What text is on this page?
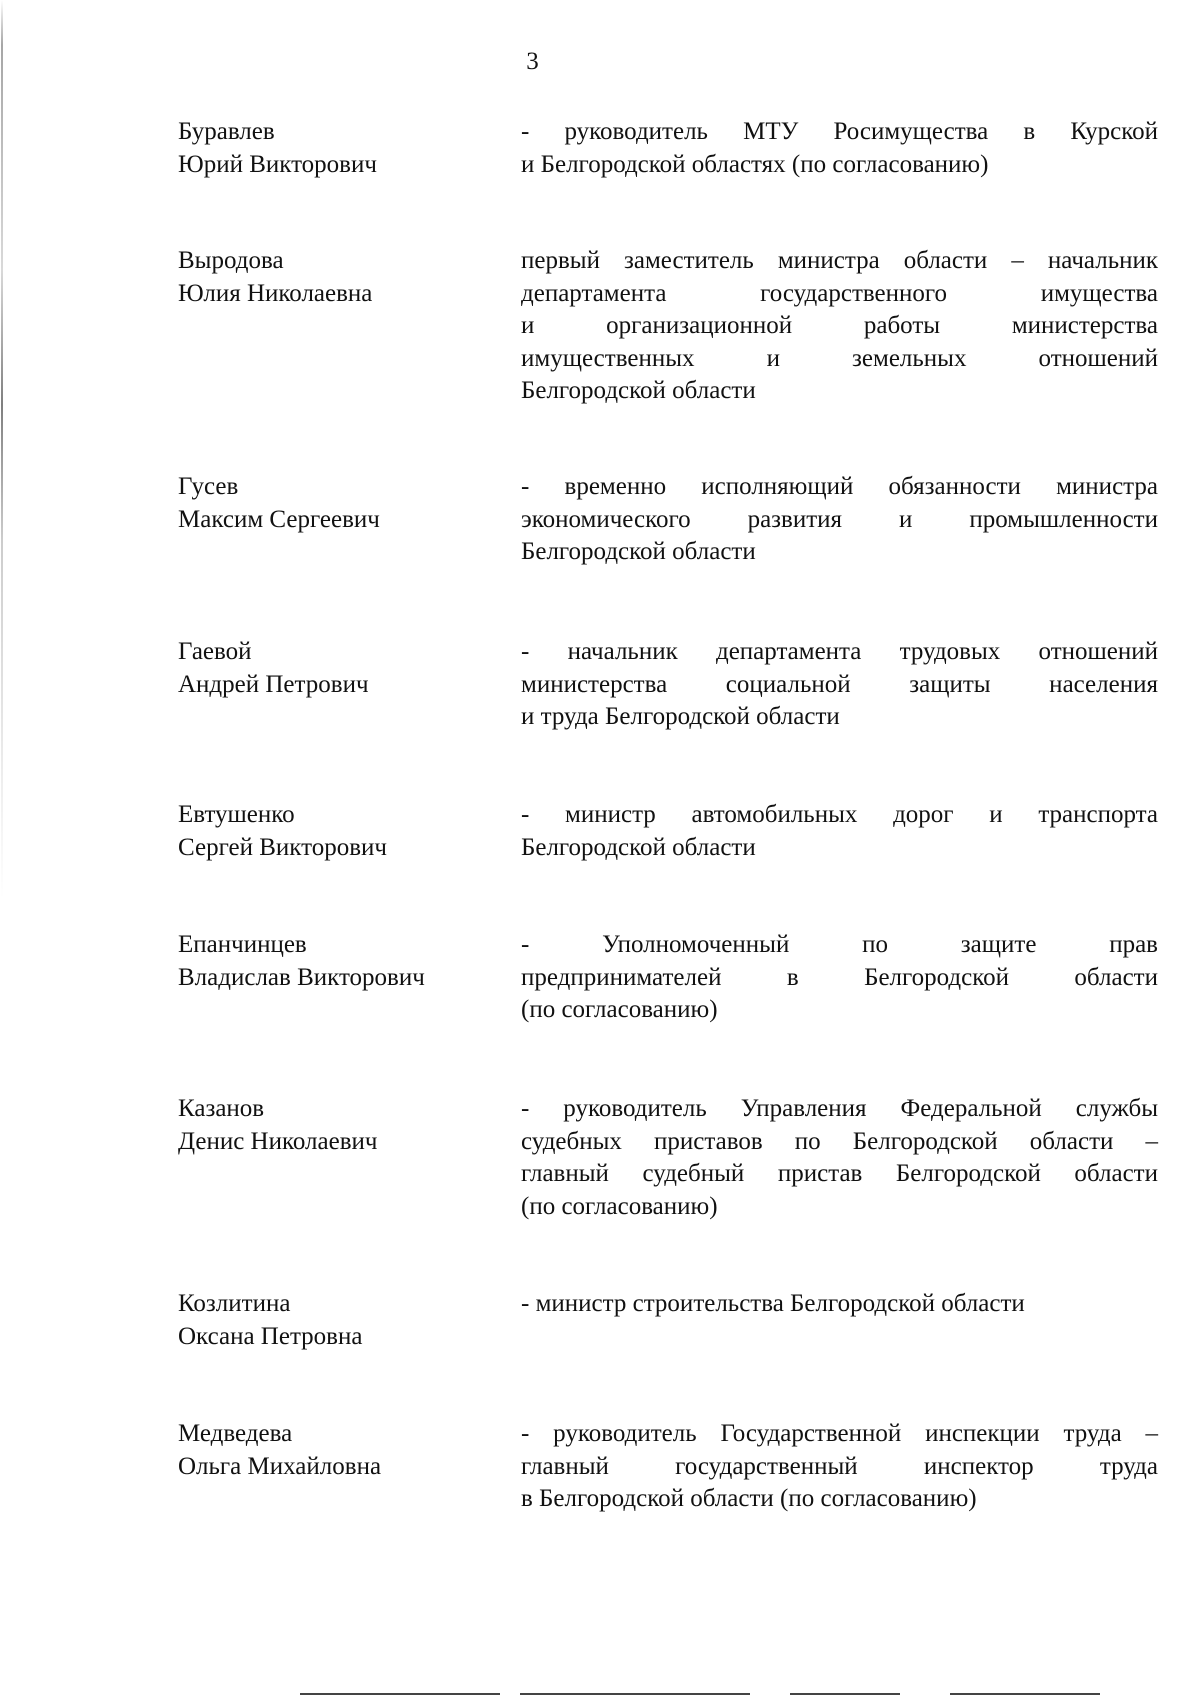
3
Буравлев
Юрий Викторович
- руководитель МТУ Росимущества в Курской
и Белгородской областях (по согласованию)
Выродова
Юлия Николаевна
первый заместитель министра области – начальник
департамента государственного имущества
и организационной работы министерства
имущественных и земельных отношений
Белгородской области
Гусев
Максим Сергеевич
- временно исполняющий обязанности министра
экономического развития и промышленности
Белгородской области
Гаевой
Андрей Петрович
- начальник департамента трудовых отношений
министерства социальной защиты населения
и труда Белгородской области
Евтушенко
Сергей Викторович
- министр автомобильных дорог и транспорта
Белгородской области
Епанчинцев
Владислав Викторович
- Уполномоченный по защите прав
предпринимателей в Белгородской области
(по согласованию)
Казанов
Денис Николаевич
- руководитель Управления Федеральной службы
судебных приставов по Белгородской области –
главный судебный пристав Белгородской области
(по согласованию)
Козлитина
Оксана Петровна
- министр строительства Белгородской области
Медведева
Ольга Михайловна
- руководитель Государственной инспекции труда –
главный государственный инспектор труда
в Белгородской области (по согласованию)
